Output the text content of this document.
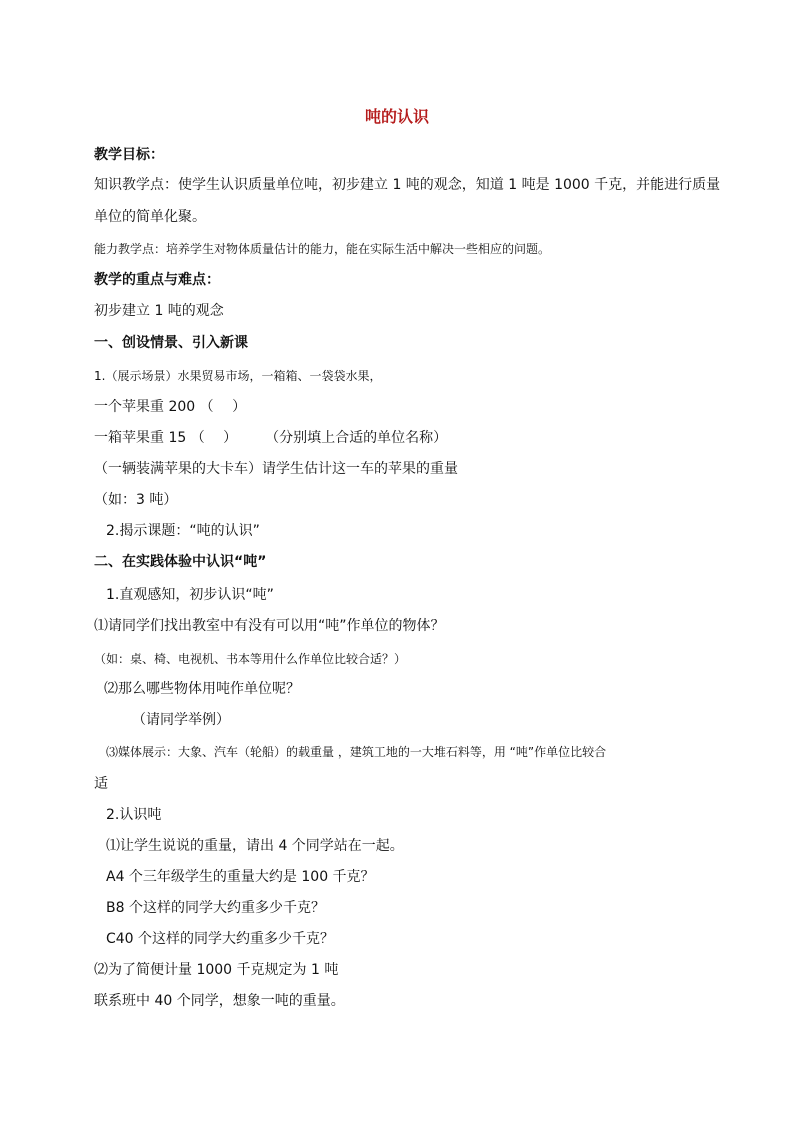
吨的认识
教学目标：
知识教学点：使学生认识质量单位吨，初步建立 1 吨的观念，知道 1 吨是 1000 千克，并能进行质量
单位的简单化聚。
能力教学点：培养学生对物体质量估计的能力，能在实际生活中解决一些相应的问题。
教学的重点与难点：
初步建立 1 吨的观念
一、创设情景、引入新课
1.（展示场景）水果贸易市场，一箱箱、一袋袋水果，
一个苹果重 200 （　 ）
一箱苹果重 15 （　 ）　　　（分别填上合适的单位名称）
（一辆装满苹果的大卡车）请学生估计这一车的苹果的重量
（如：3 吨）
2.揭示课题：“吨的认识”
二、在实践体验中认识“吨”
1.直观感知，初步认识“吨”
⑴请同学们找出教室中有没有可以用“吨”作单位的物体？
（如：桌、椅、电视机、书本等用什么作单位比较合适？）
⑵那么哪些物体用吨作单位呢？
（请同学举例）
⑶媒体展示：大象、汽车（轮船）的载重量 ，建筑工地的一大堆石料等，用 “吨”作单位比较合
适
2.认识吨
⑴让学生说说的重量，请出 4 个同学站在一起。
A4 个三年级学生的重量大约是 100 千克？
B8 个这样的同学大约重多少千克？
C40 个这样的同学大约重多少千克？
⑵为了简便计量 1000 千克规定为 1 吨
联系班中 40 个同学，想象一吨的重量。
